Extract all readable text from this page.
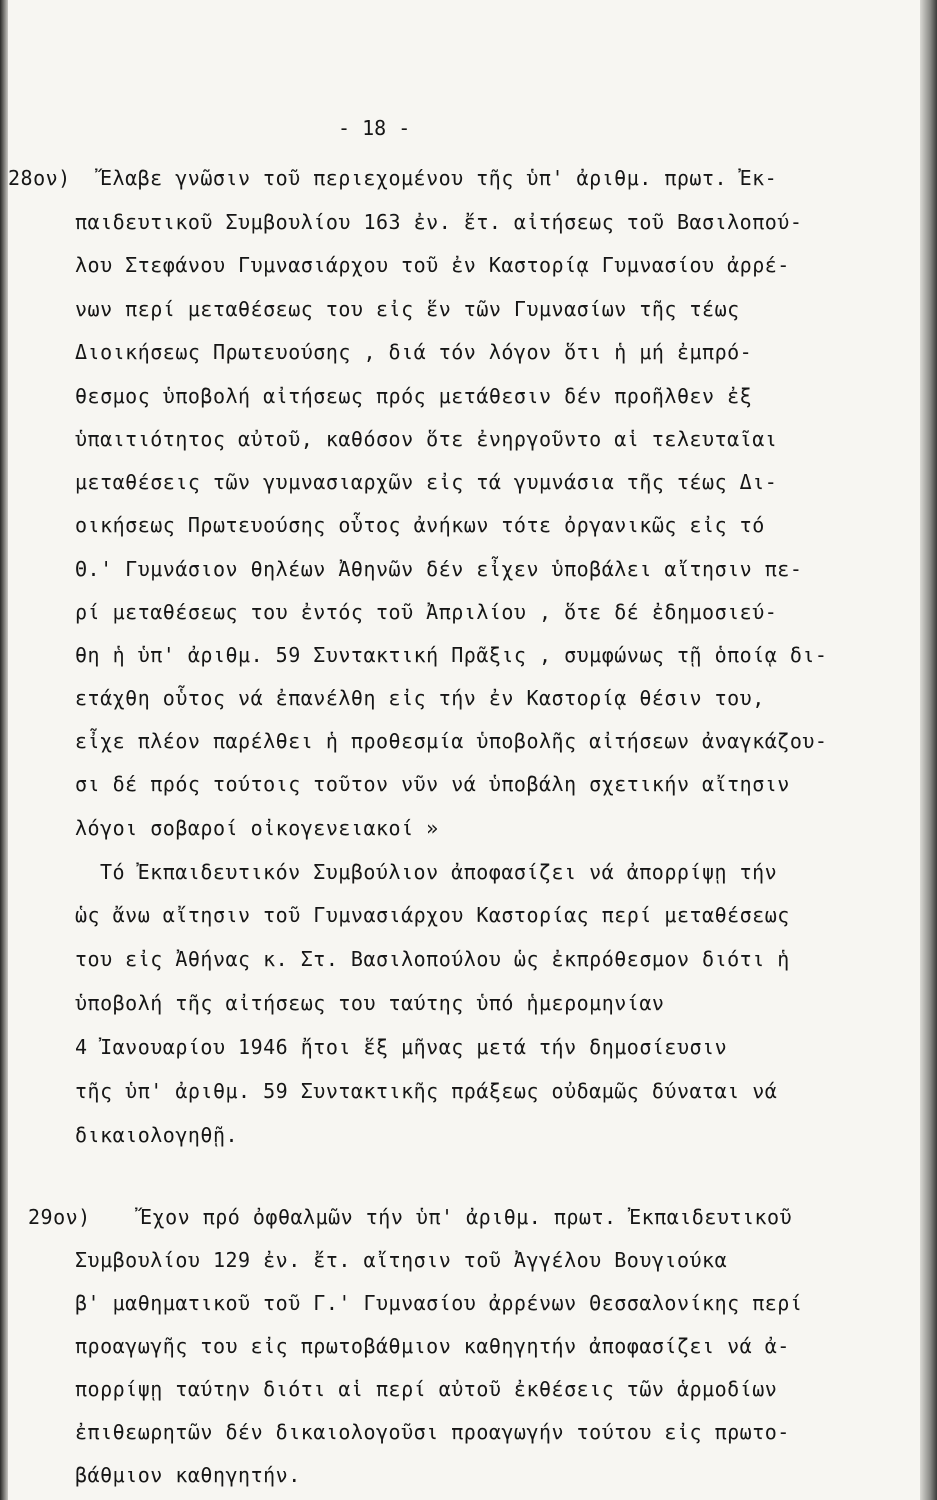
- 18 -
28ον) Ἔλαβε γνῶσιν τοῦ περιεχομένου τῆς ὑπ' ἀριθμ. πρωτ. Ἐκ-
παιδευτικοῦ Συμβουλίου 163 ἐν. ἔτ. αἰτήσεως τοῦ Βασιλοπού-
λου Στεφάνου Γυμνασιάρχου τοῦ ἐν Καστορίᾳ Γυμνασίου ἀρρέ-
νων περί μεταθέσεως του εἰς ἕν τῶν Γυμνασίων τῆς τέως
Διοικήσεως Πρωτευούσης , διά τόν λόγον ὅτι ἡ μή ἐμπρό-
θεσμος ὑποβολή αἰτήσεως πρός μετάθεσιν δέν προῆλθεν ἐξ
ὑπαιτιότητος αὐτοῦ, καθόσον ὅτε ἐνηργοῦντο αἱ τελευταῖαι
μεταθέσεις τῶν γυμνασιαρχῶν εἰς τά γυμνάσια τῆς τέως Δι-
οικήσεως Πρωτευούσης οὗτος ἀνήκων τότε ὀργανικῶς εἰς τό
Θ.' Γυμνάσιον θηλέων Ἀθηνῶν δέν εἶχεν ὑποβάλει αἴτησιν πε-
ρί μεταθέσεως του ἐντός τοῦ Ἀπριλίου , ὅτε δέ ἐδημοσιεύ-
θη ἡ ὑπ' ἀριθμ. 59 Συντακτική Πρᾶξις , συμφώνως τῇ ὁποίᾳ δι-
ετάχθη οὗτος νά ἐπανέλθη εἰς τήν ἐν Καστορίᾳ θέσιν του,
εἶχε πλέον παρέλθει ἡ προθεσμία ὑποβολῆς αἰτήσεων ἀναγκάζου-
σι δέ πρός τούτοις τοῦτον νῦν νά ὑποβάλη σχετικήν αἴτησιν
λόγοι σοβαροί οἰκογενειακοί »
Τό Ἐκπαιδευτικόν Συμβούλιον ἀποφασίζει νά ἀπορρίψῃ τήν
ὡς ἄνω αἴτησιν τοῦ Γυμνασιάρχου Καστορίας περί μεταθέσεως
του εἰς Ἀθήνας κ. Στ. Βασιλοπούλου ὡς ἐκπρόθεσμον διότι ἡ
ὑποβολή τῆς αἰτήσεως του ταύτης ὑπό ἡμερομηνίαν
4 Ἰανουαρίου 1946 ἤτοι ἕξ μῆνας μετά τήν δημοσίευσιν
τῆς ὑπ' ἀριθμ. 59 Συντακτικῆς πράξεως οὐδαμῶς δύναται νά
δικαιολογηθῇ.
29ον) Ἔχον πρό ὀφθαλμῶν τήν ὑπ' ἀριθμ. πρωτ. Ἐκπαιδευτικοῦ
Συμβουλίου 129 ἐν. ἔτ. αἴτησιν τοῦ Ἀγγέλου Βουγιούκα
β' μαθηματικοῦ τοῦ Γ.' Γυμνασίου ἀρρένων Θεσσαλονίκης περί
προαγωγῆς του εἰς πρωτοβάθμιον καθηγητήν ἀποφασίζει νά ἀ-
πορρίψῃ ταύτην διότι αἱ περί αὐτοῦ ἐκθέσεις τῶν ἁρμοδίων
ἐπιθεωρητῶν δέν δικαιολογοῦσι προαγωγήν τούτου εἰς πρωτο-
βάθμιον καθηγητήν.
